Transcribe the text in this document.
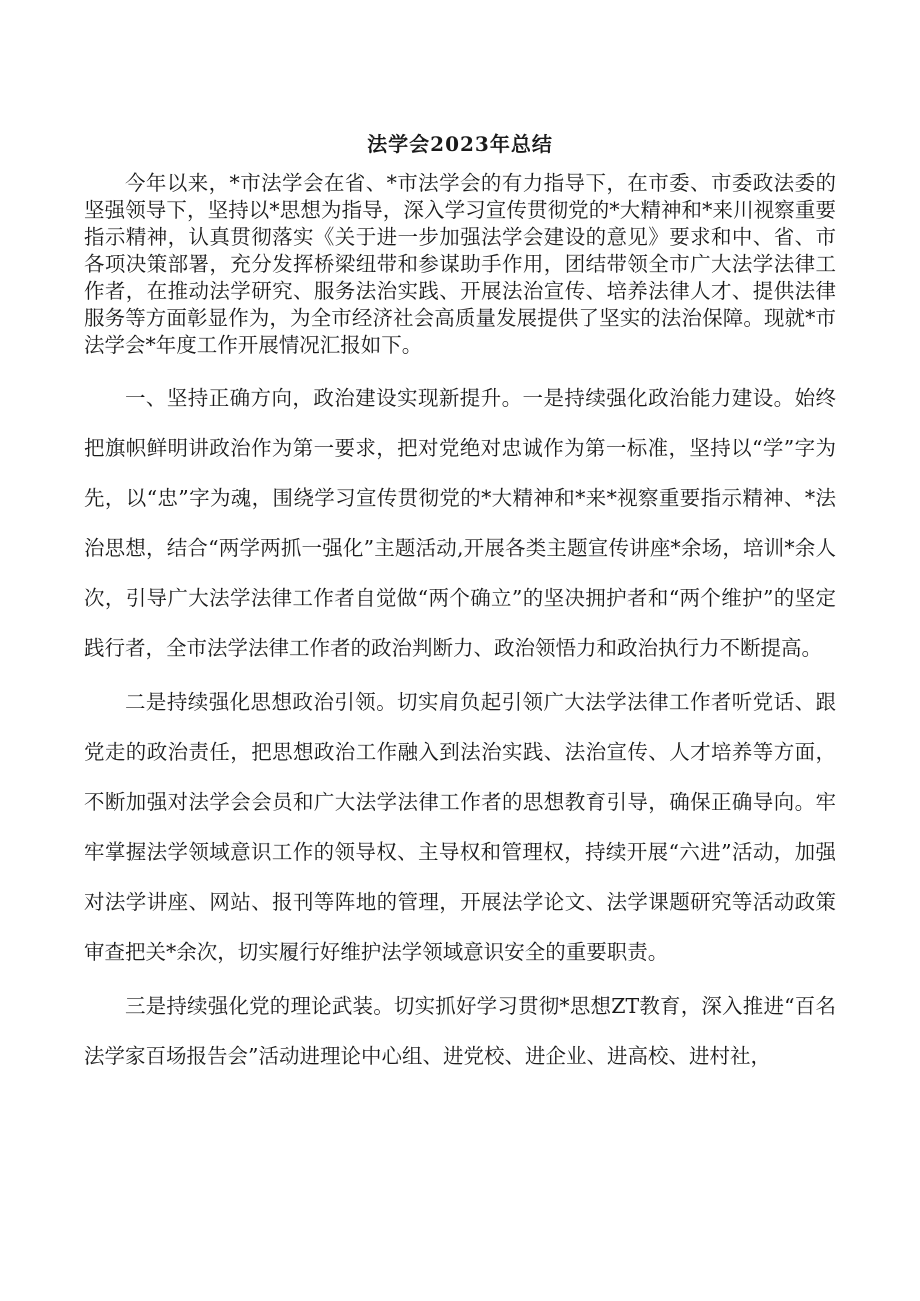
法学会2023年总结

今年以来，*市法学会在省、*市法学会的有力指导下，在市委、市委政法委的坚强领导下，坚持以*思想为指导，深入学习宣传贯彻党的*大精神和*来川视察重要指示精神，认真贯彻落实《关于进一步加强法学会建设的意见》要求和中、省、市各项决策部署，充分发挥桥梁纽带和参谋助手作用，团结带领全市广大法学法律工作者，在推动法学研究、服务法治实践、开展法治宣传、培养法律人才、提供法律服务等方面彰显作为，为全市经济社会高质量发展提供了坚实的法治保障。现就*市法学会*年度工作开展情况汇报如下。

一、坚持正确方向，政治建设实现新提升。一是持续强化政治能力建设。始终把旗帜鲜明讲政治作为第一要求，把对党绝对忠诚作为第一标准，坚持以“学”字为先，以“忠”字为魂，围绕学习宣传贯彻党的*大精神和*来*视察重要指示精神、*法治思想，结合“两学两抓一强化”主题活动,开展各类主题宣传讲座*余场，培训*余人次，引导广大法学法律工作者自觉做“两个确立”的坚决拥护者和“两个维护”的坚定践行者，全市法学法律工作者的政治判断力、政治领悟力和政治执行力不断提高。

二是持续强化思想政治引领。切实肩负起引领广大法学法律工作者听党话、跟党走的政治责任，把思想政治工作融入到法治实践、法治宣传、人才培养等方面，不断加强对法学会会员和广大法学法律工作者的思想教育引导，确保正确导向。牢牢掌握法学领域意识工作的领导权、主导权和管理权，持续开展“六进”活动，加强对法学讲座、网站、报刊等阵地的管理，开展法学论文、法学课题研究等活动政策审查把关*余次，切实履行好维护法学领域意识安全的重要职责。

三是持续强化党的理论武装。切实抓好学习贯彻*思想ZT教育，深入推进“百名法学家百场报告会”活动进理论中心组、进党校、进企业、进高校、进村社，
